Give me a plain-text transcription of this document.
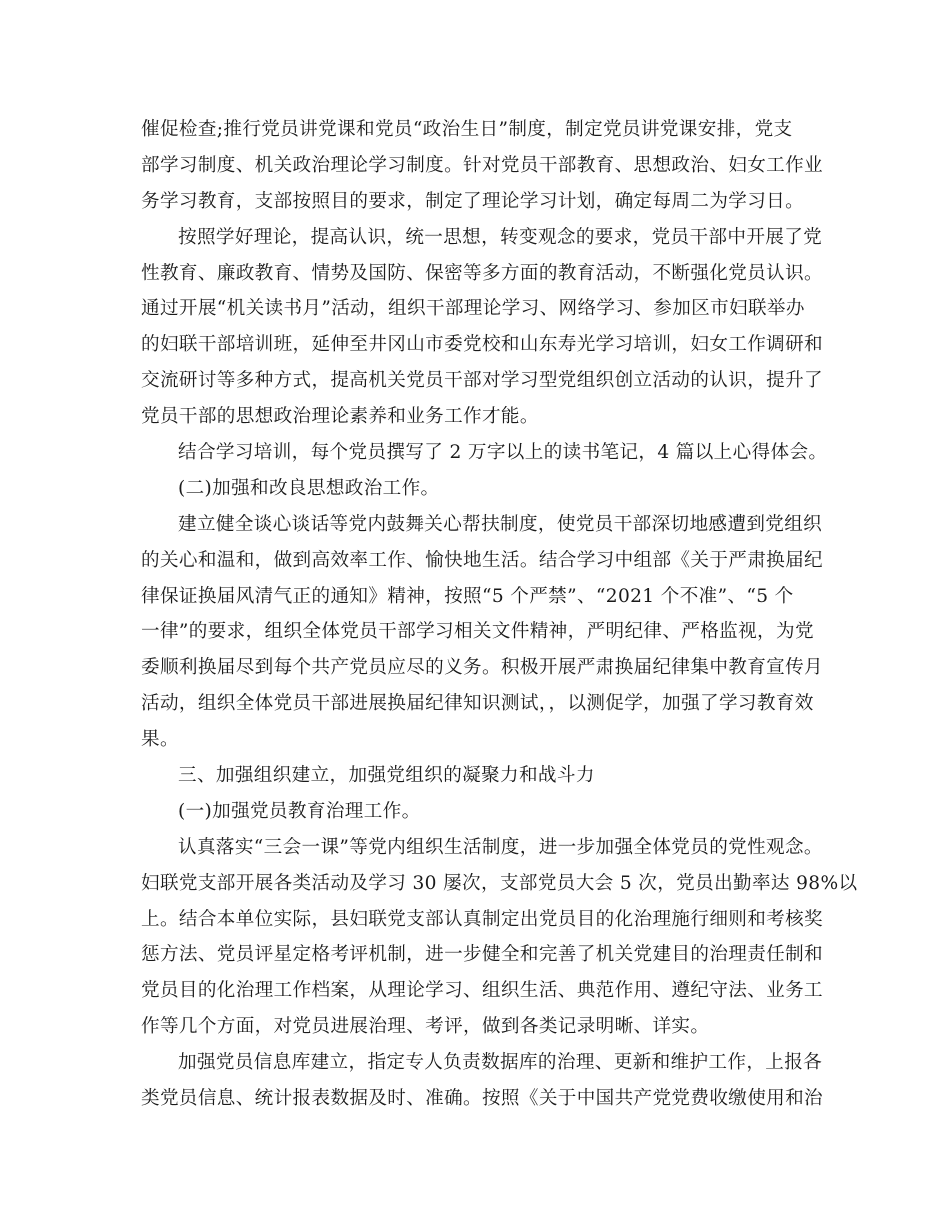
催促检查;推行党员讲党课和党员“政治生日”制度，制定党员讲党课安排，党支
部学习制度、机关政治理论学习制度。针对党员干部教育、思想政治、妇女工作业
务学习教育，支部按照目的要求，制定了理论学习计划，确定每周二为学习日。
按照学好理论，提高认识，统一思想，转变观念的要求，党员干部中开展了党
性教育、廉政教育、情势及国防、保密等多方面的教育活动，不断强化党员认识。
通过开展“机关读书月”活动，组织干部理论学习、网络学习、参加区市妇联举办
的妇联干部培训班，延伸至井冈山市委党校和山东寿光学习培训，妇女工作调研和
交流研讨等多种方式，提高机关党员干部对学习型党组织创立活动的认识，提升了
党员干部的思想政治理论素养和业务工作才能。
结合学习培训，每个党员撰写了 2 万字以上的读书笔记，4 篇以上心得体会。
(二)加强和改良思想政治工作。
建立健全谈心谈话等党内鼓舞关心帮扶制度，使党员干部深切地感遭到党组织
的关心和温和，做到高效率工作、愉快地生活。结合学习中组部《关于严肃换届纪
律保证换届风清气正的通知》精神，按照“5 个严禁”、“2021 个不准”、“5 个
一律”的要求，组织全体党员干部学习相关文件精神，严明纪律、严格监视，为党
委顺利换届尽到每个共产党员应尽的义务。积极开展严肃换届纪律集中教育宣传月
活动，组织全体党员干部进展换届纪律知识测试，，以测促学，加强了学习教育效
果。
三、加强组织建立，加强党组织的凝聚力和战斗力
(一)加强党员教育治理工作。
认真落实“三会一课”等党内组织生活制度，进一步加强全体党员的党性观念。
妇联党支部开展各类活动及学习 30 屡次，支部党员大会 5 次，党员出勤率达 98%以
上。结合本单位实际，县妇联党支部认真制定出党员目的化治理施行细则和考核奖
惩方法、党员评星定格考评机制，进一步健全和完善了机关党建目的治理责任制和
党员目的化治理工作档案，从理论学习、组织生活、典范作用、遵纪守法、业务工
作等几个方面，对党员进展治理、考评，做到各类记录明晰、详实。
加强党员信息库建立，指定专人负责数据库的治理、更新和维护工作，上报各
类党员信息、统计报表数据及时、准确。按照《关于中国共产党党费收缴使用和治
